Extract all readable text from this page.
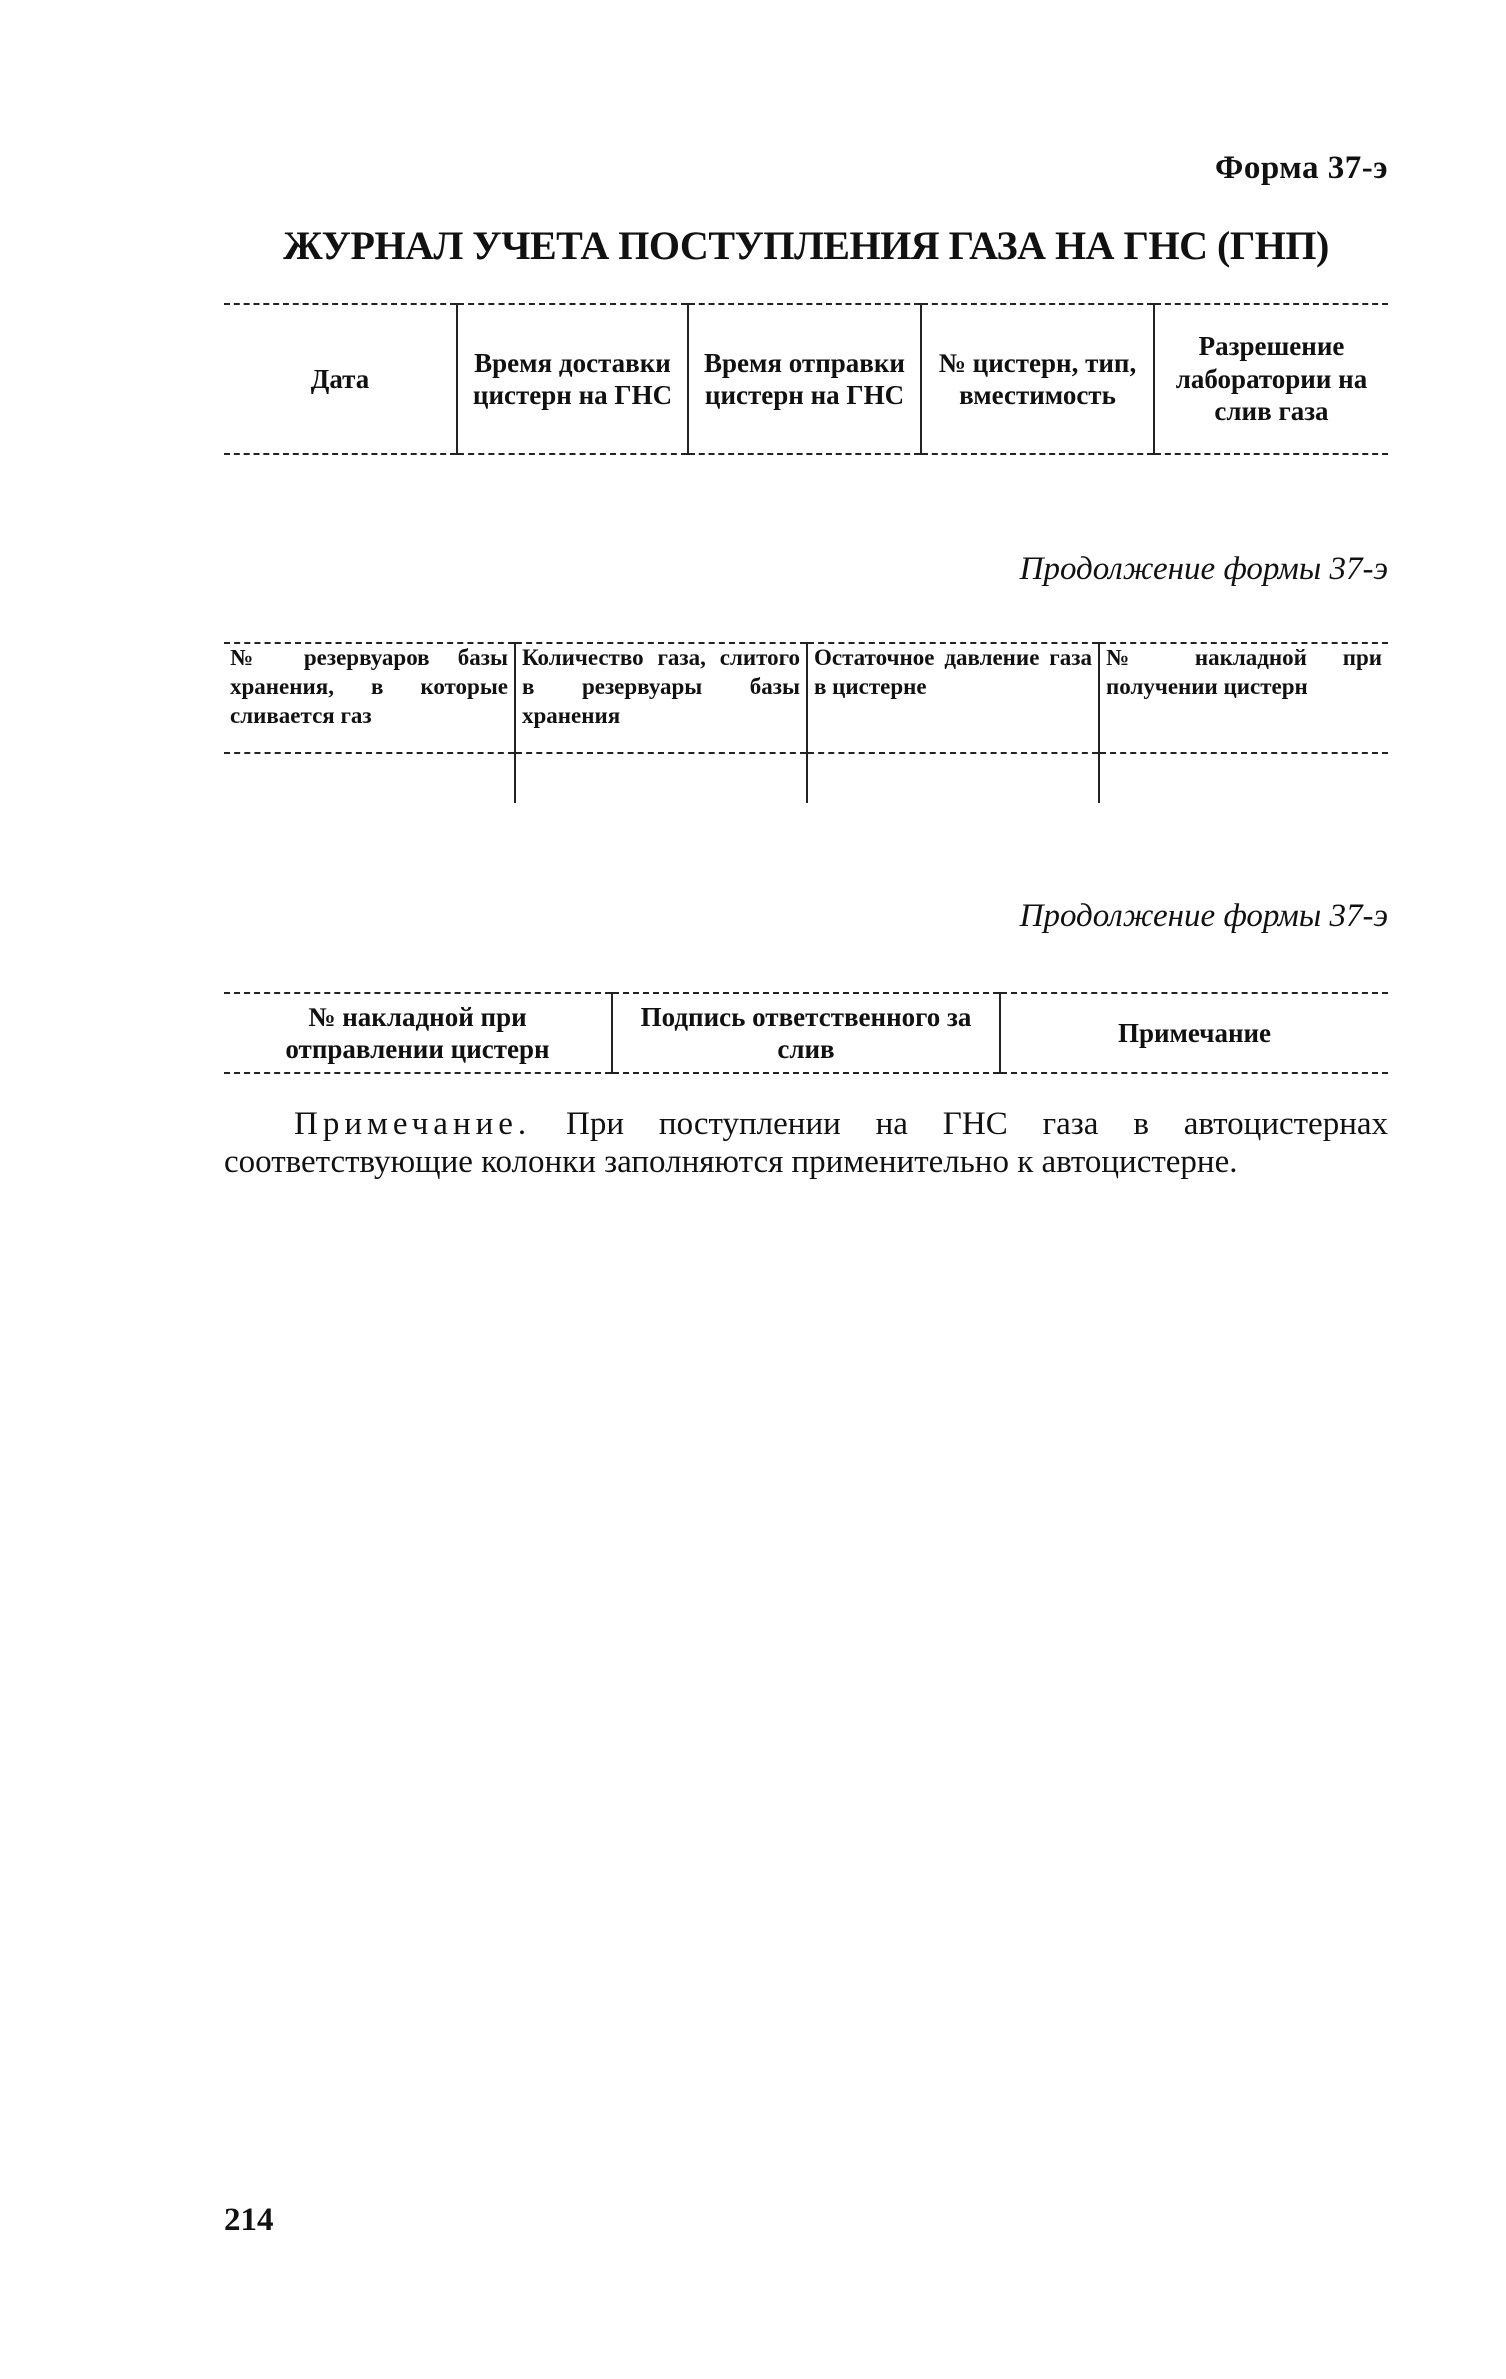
Форма 37-э
ЖУРНАЛ УЧЕТА ПОСТУПЛЕНИЯ ГАЗА НА ГНС (ГНП)
Дата	Время доставки цистерн на ГНС	Время отправки цистерн на ГНС	№ цистерн, тип, вместимость	Разрешение лаборатории на слив газа
Продолжение формы 37-э
№ резервуаров базы хранения, в которые сливается газ	Количество газа, слитого в резервуары базы хранения	Остаточное давление газа в цистерне	№ накладной при получении цистерн

Продолжение формы 37-э
№ накладной при отправлении цистерн	Подпись ответственного за слив	Примечание
Примечание. При поступлении на ГНС газа в автоцистернах соответствующие колонки заполняются применительно к автоцистерне.
214
